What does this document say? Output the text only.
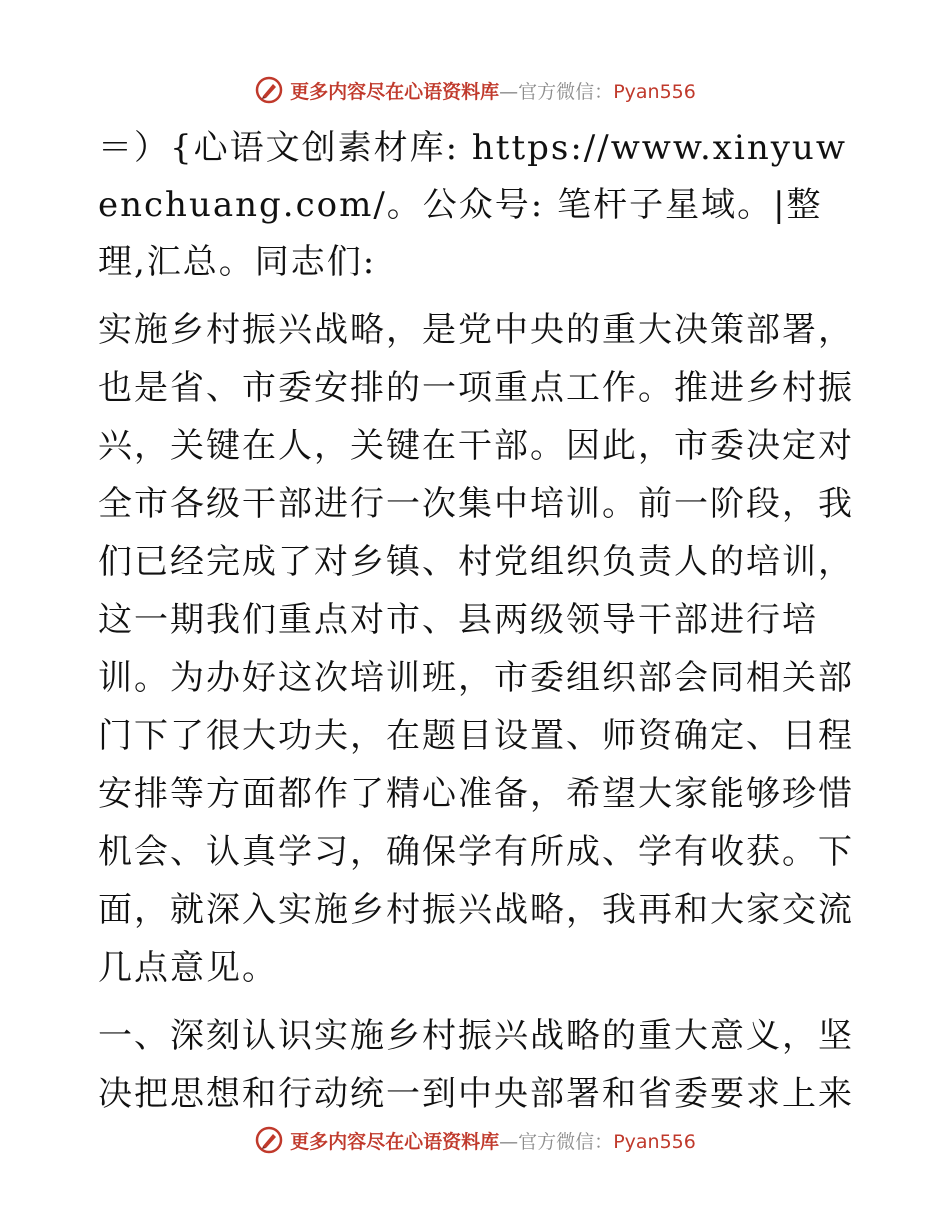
更多内容尽在心语资料库—官方微信：Pyan556

＝）{心语文创素材库: https://www.xinyuwenchuang.com/。公众号: 笔杆子星域。|整理,汇总。同志们:

实施乡村振兴战略，是党中央的重大决策部署，也是省、市委安排的一项重点工作。推进乡村振兴，关键在人，关键在干部。因此，市委决定对全市各级干部进行一次集中培训。前一阶段，我们已经完成了对乡镇、村党组织负责人的培训，这一期我们重点对市、县两级领导干部进行培训。为办好这次培训班，市委组织部会同相关部门下了很大功夫，在题目设置、师资确定、日程安排等方面都作了精心准备，希望大家能够珍惜机会、认真学习，确保学有所成、学有收获。下面，就深入实施乡村振兴战略，我再和大家交流几点意见。

一、深刻认识实施乡村振兴战略的重大意义，坚决把思想和行动统一到中央部署和省委要求上来

更多内容尽在心语资料库—官方微信：Pyan556
